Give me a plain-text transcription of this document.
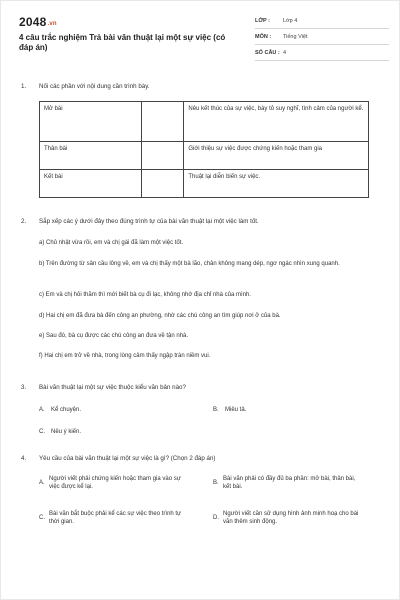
2048.vn
4 câu trắc nghiệm Trả bài văn thuật lại một sự việc (có đáp án)
LỚP :	Lớp 4
MÔN :	Tiếng Việt
SỐ CÂU : 4
1. Nối các phần với nội dung cần trình bày.
Mở bài		Nêu kết thúc của sự việc, bày tỏ suy nghĩ, tình cảm của người kể.
Thân bài		Giới thiệu sự việc được chứng kiến hoặc tham gia
Kết bài		Thuật lại diễn biến sự việc.
2. Sắp xếp các ý dưới đây theo đúng trình tự của bài văn thuật lại một việc làm tốt.
a) Chủ nhật vừa rồi, em và chị gái đã làm một việc tốt.
b) Trên đường từ sân cầu lông về, em và chị thấy một bà lão, chân không mang dép, ngơ ngác nhìn xung quanh.
c) Em và chị hỏi thăm thì mới biết bà cụ đi lạc, không nhớ địa chỉ nhà của mình.
d) Hai chị em đã đưa bà đến công an phường, nhờ các chú công an tìm giúp nơi ở của bà.
e) Sau đó, bà cụ được các chú công an đưa về tận nhà.
f) Hai chị em trở về nhà, trong lòng cảm thấy ngập tràn niềm vui.
3. Bài văn thuật lại một sự việc thuộc kiểu văn bản nào?
A. Kể chuyện.	B. Miêu tả.
C. Nêu ý kiến.
4. Yêu cầu của bài văn thuật lại một sự việc là gì? (Chọn 2 đáp án)
A.
Người viết phải chứng kiến hoặc tham gia vào sự việc được kể lại.
B.
Bài văn phải có đầy đủ ba phần: mở bài, thân bài, kết bài.
C.
Bài văn bắt buộc phải kể các sự việc theo trình tự thời gian.
D.
Người viết cần sử dụng hình ảnh minh hoạ cho bài văn thêm sinh động.
